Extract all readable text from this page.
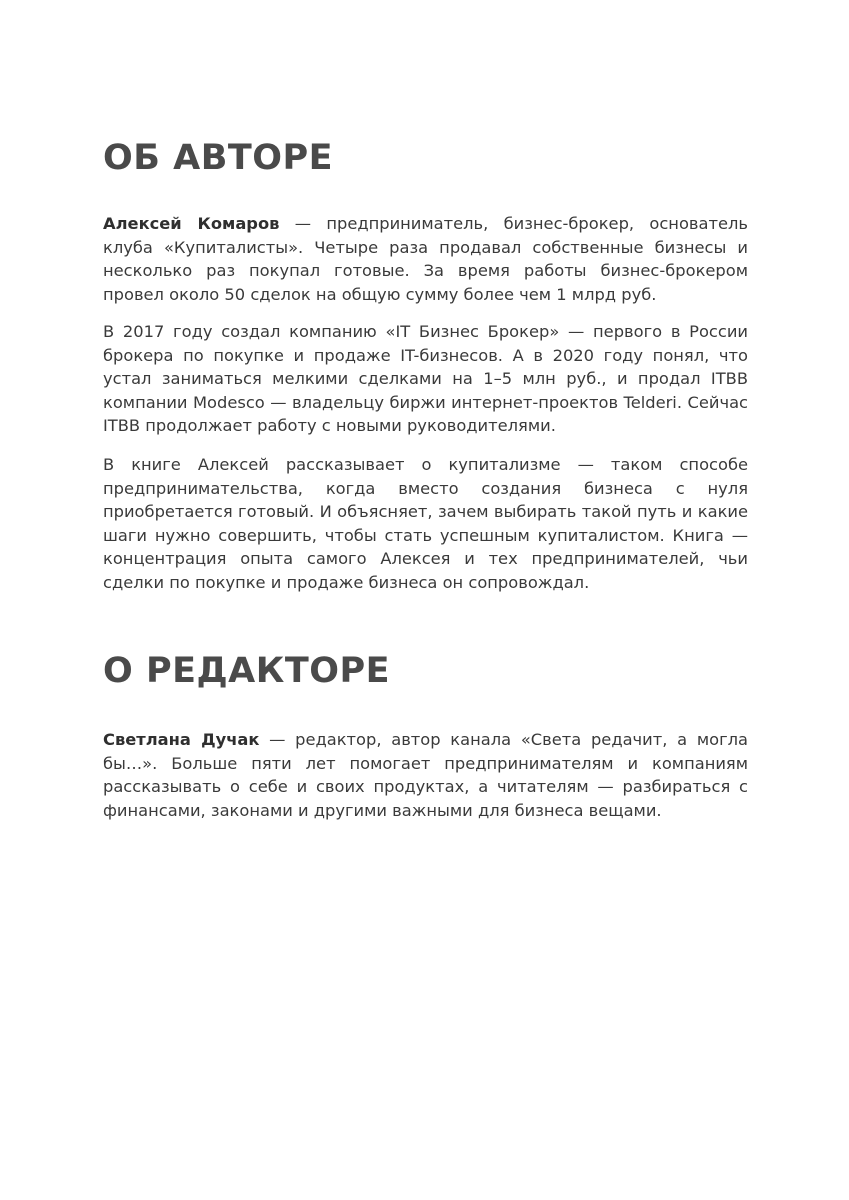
ОБ АВТОРЕ

Алексей Комаров — предприниматель, бизнес-брокер, основатель клуба «Купиталисты». Четыре раза продавал собственные бизнесы и несколько раз покупал готовые. За время работы бизнес-брокером провел около 50 сделок на общую сумму более чем 1 млрд руб.

В 2017 году создал компанию «IT Бизнес Брокер» — первого в России брокера по покупке и продаже IT-бизнесов. А в 2020 году понял, что устал заниматься мелкими сделками на 1–5 млн руб., и продал ITBB компании Modesco — владельцу биржи интернет-проектов Telderi. Сейчас ITBB продолжает работу с новыми руководителями.

В книге Алексей рассказывает о купитализме — таком способе предпринимательства, когда вместо создания бизнеса с нуля приобретается готовый. И объясняет, зачем выбирать такой путь и какие шаги нужно совершить, чтобы стать успешным купиталистом. Книга — концентрация опыта самого Алексея и тех предпринимателей, чьи сделки по покупке и продаже бизнеса он сопровождал.

О РЕДАКТОРЕ

Светлана Дучак — редактор, автор канала «Света редачит, а могла бы…». Больше пяти лет помогает предпринимателям и компаниям рассказывать о себе и своих продуктах, а читателям — разбираться с финансами, законами и другими важными для бизнеса вещами.
